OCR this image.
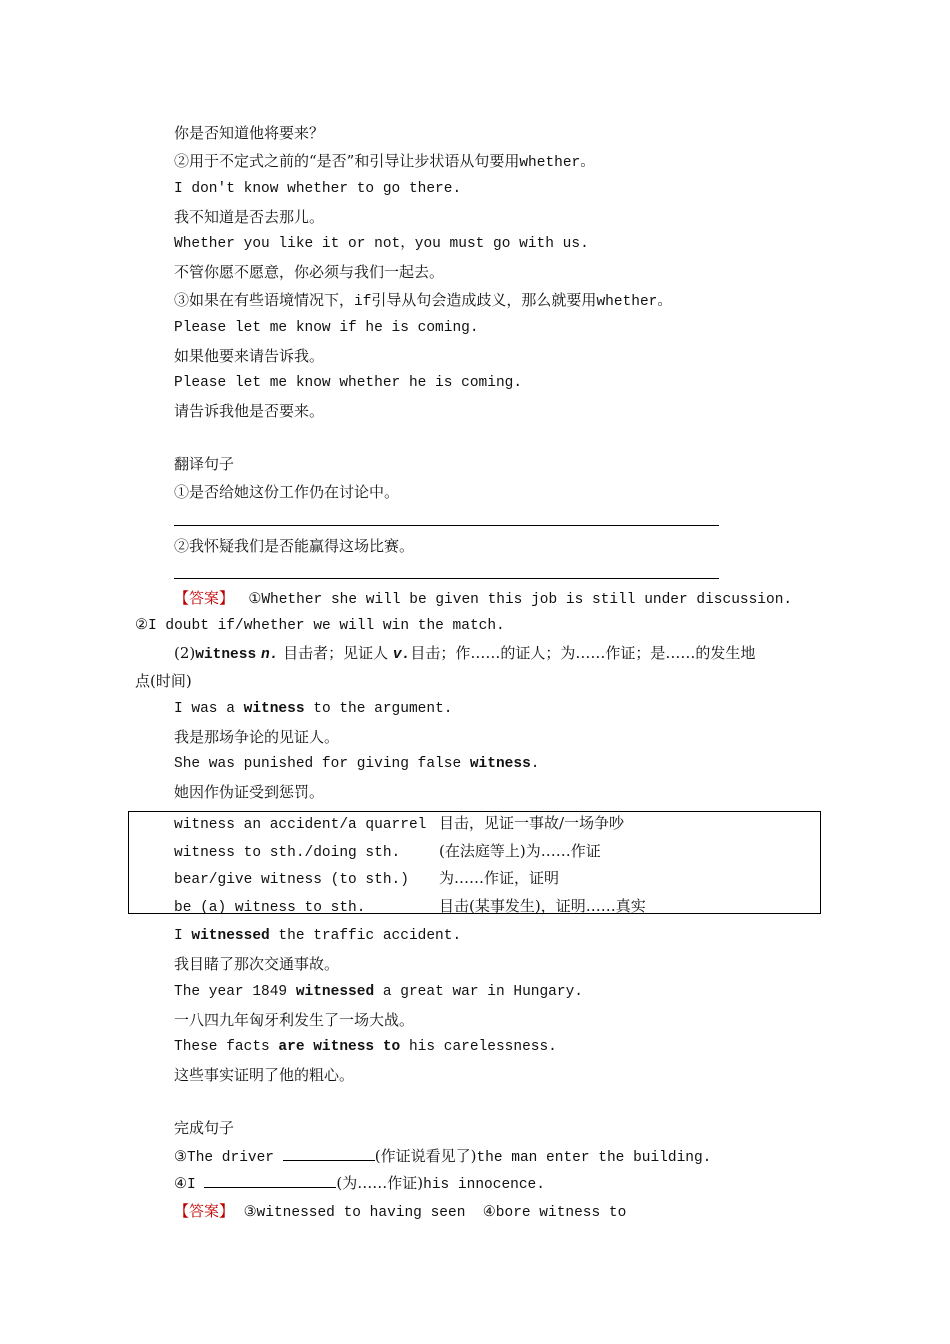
你是否知道他将要来？
②用于不定式之前的“是否”和引导让步状语从句要用whether。
I don't know whether to go there.
我不知道是否去那儿。
Whether you like it or not，you must go with us.
不管你愿不愿意，你必须与我们一起去。
③如果在有些语境情况下，if引导从句会造成歧义，那么就要用whether。
Please let me know if he is coming.
如果他要来请告诉我。
Please let me know whether he is coming.
请告诉我他是否要来。
翻译句子
①是否给她这份工作仍在讨论中。
②我怀疑我们是否能赢得这场比赛。
【答案】 ①Whether she will be given this job is still under discussion.
②I doubt if/whether we will win the match.
(2)witness n. 目击者；见证人 v.目击；作……的证人；为……作证；是……的发生地
点(时间)
I was a witness to the argument.
我是那场争论的见证人。
She was punished for giving false witness.
她因作伪证受到惩罚。
witness an accident/a quarrel 目击，见证一事故/一场争吵
witness to sth./doing sth.	(在法庭等上)为……作证
bear/give witness (to sth.) 为……作证，证明
be (a) witness to sth.	目击(某事发生)，证明……真实
I witnessed the traffic accident.
我目睹了那次交通事故。
The year 1849 witnessed a great war in Hungary.
一八四九年匈牙利发生了一场大战。
These facts are witness to his carelessness.
这些事实证明了他的粗心。
完成句子
③The driver	(作证说看见了)the man enter the building.
④I	(为……作证)his innocence.
【答案】 ③witnessed to having seen  ④bore witness to
